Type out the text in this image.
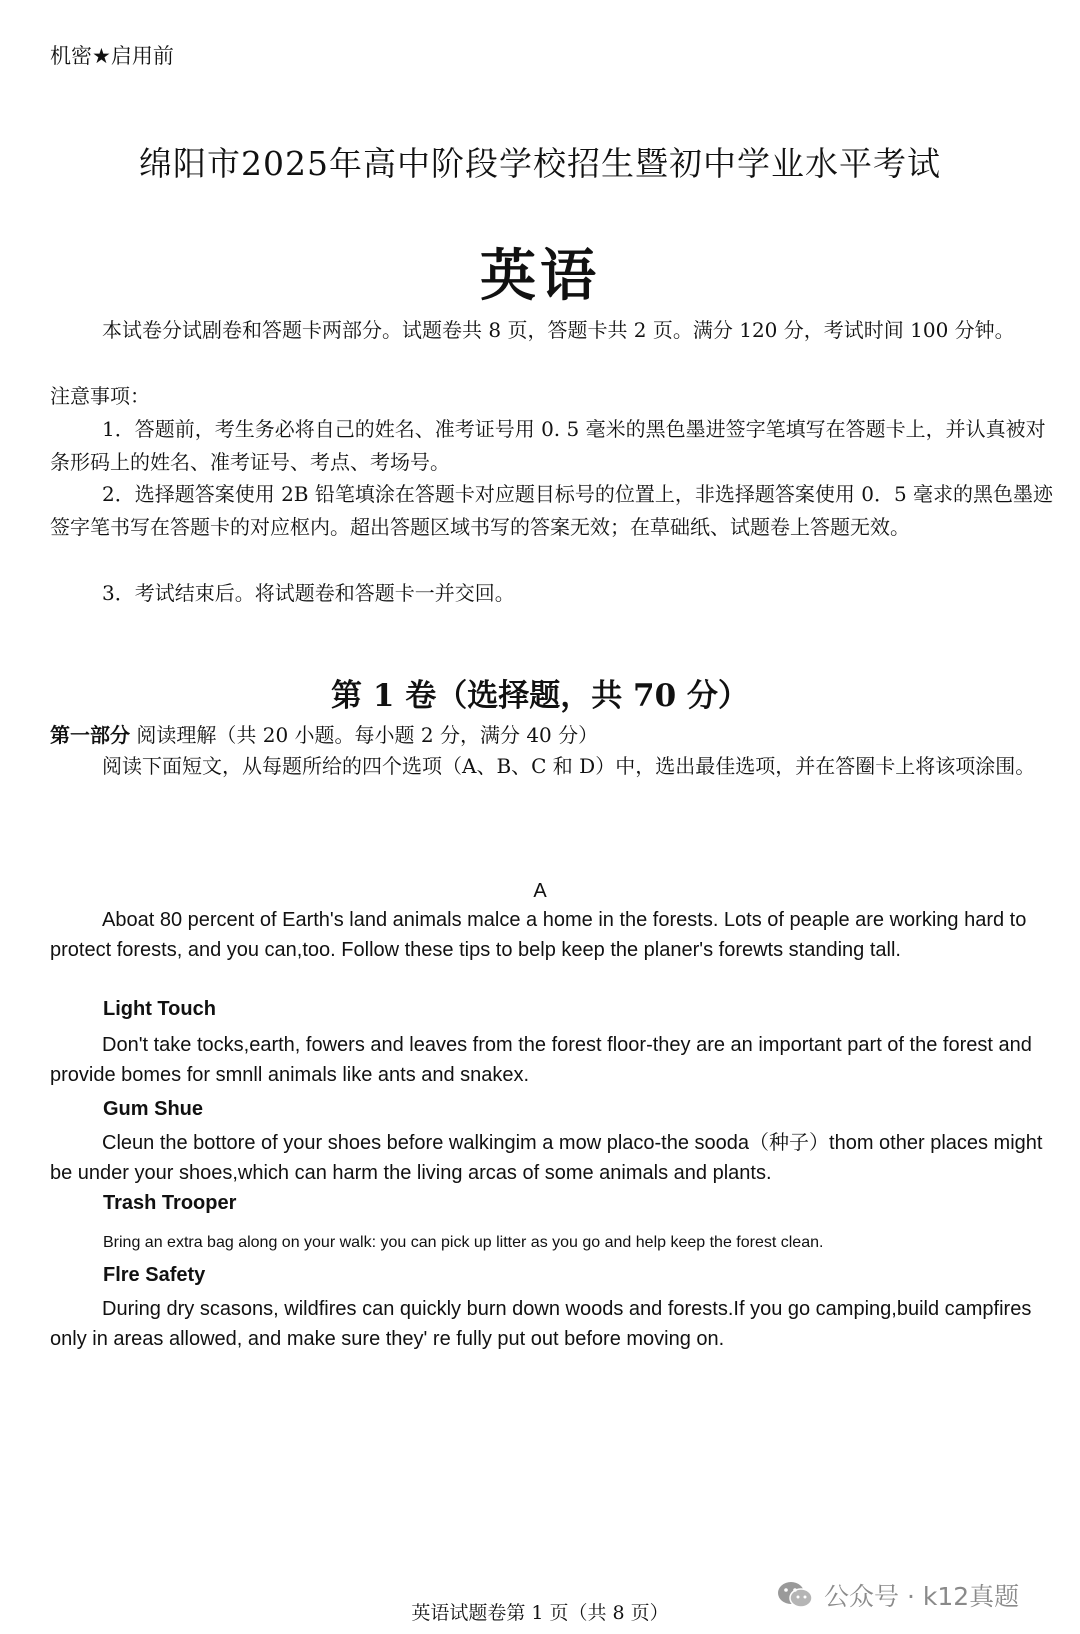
机密★启用前
绵阳市2025年高中阶段学校招生暨初中学业水平考试
英语
本试卷分试剧卷和答题卡两部分。试题卷共 8 页，答题卡共 2 页。满分 120 分，考试时间 100 分钟。
注意事项：
1．答题前，考生务必将自己的姓名、准考证号用 0. 5 毫米的黑色墨进签字笔填写在答题卡上，并认真被对条形码上的姓名、准考证号、考点、考场号。
2．选择题答案使用 2B 铅笔填涂在答题卡对应题目标号的位置上，非选择题答案使用 0．5 毫求的黑色墨迹签字笔书写在答题卡的对应枢内。超出答题区域书写的答案无效；在草础纸、试题卷上答题无效。
3．考试结束后。将试题卷和答题卡一并交回。
第 1 卷（选择题，共 70 分）
第一部分 阅读理解（共 20 小题。每小题 2 分，满分 40 分）
阅读下面短文，从每题所给的四个选项（A、B、C 和 D）中，选出最佳选项，并在答圈卡上将该项涂围。
A
Aboat 80 percent of Earth's land animals malce a home in the forests. Lots of peaple are working hard to protect forests, and you can,too. Follow these tips to belp keep the planer's forewts standing tall.
Light Touch
Don't take tocks,earth, fowers and leaves from the forest floor-they are an important part of the forest and provide bomes for smnll animals like ants and snakex.
Gum Shue
Cleun the bottore of your shoes before walkingim a mow placo-the sooda（种子）thom other places might be under your shoes,which can harm the living arcas of some animals and plants.
Trash Trooper
Bring an extra bag along on your walk: you can pick up litter as you go and help keep the forest clean.
Flre Safety
During dry scasons, wildfires can quickly burn down woods and forests.If you go camping,build campfires only in areas allowed, and make sure they' re fully put out before moving on.
英语试题卷第 1 页（共 8 页）
公众号 · k12真题
